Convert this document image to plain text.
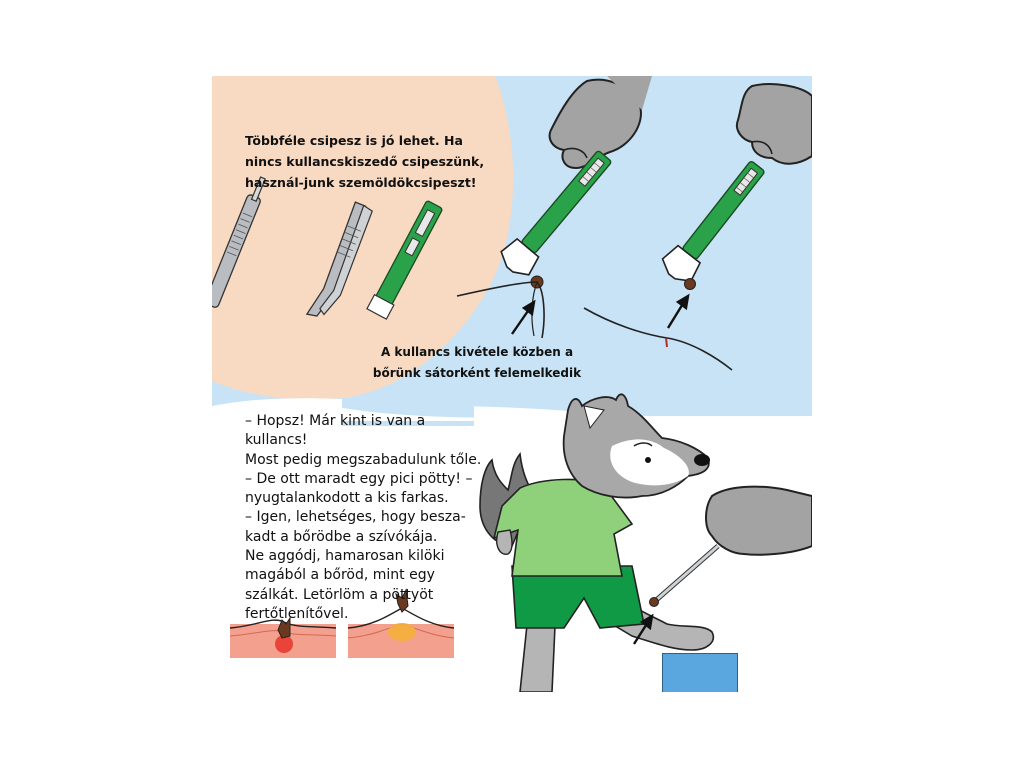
Többféle csipesz is jó lehet. Ha nincs kullancskiszedő csipeszünk, használ-junk szemöldökcsipeszt!
A kullancs kivétele közben a bőrünk sátorként felemelkedik

– Hopsz! Már kint is van a kullancs!

Most pedig megszabadulunk tőle.

– De ott maradt egy pici pötty! –

nyugtalankodott a kis farkas.

– Igen, lehetséges, hogy besza-

kadt a bőrödbe a szívókája.

Ne aggódj, hamarosan kilöki

magából a bőröd, mint egy

szálkát. Letörlöm a pöttyöt

fertőtlenítővel.
